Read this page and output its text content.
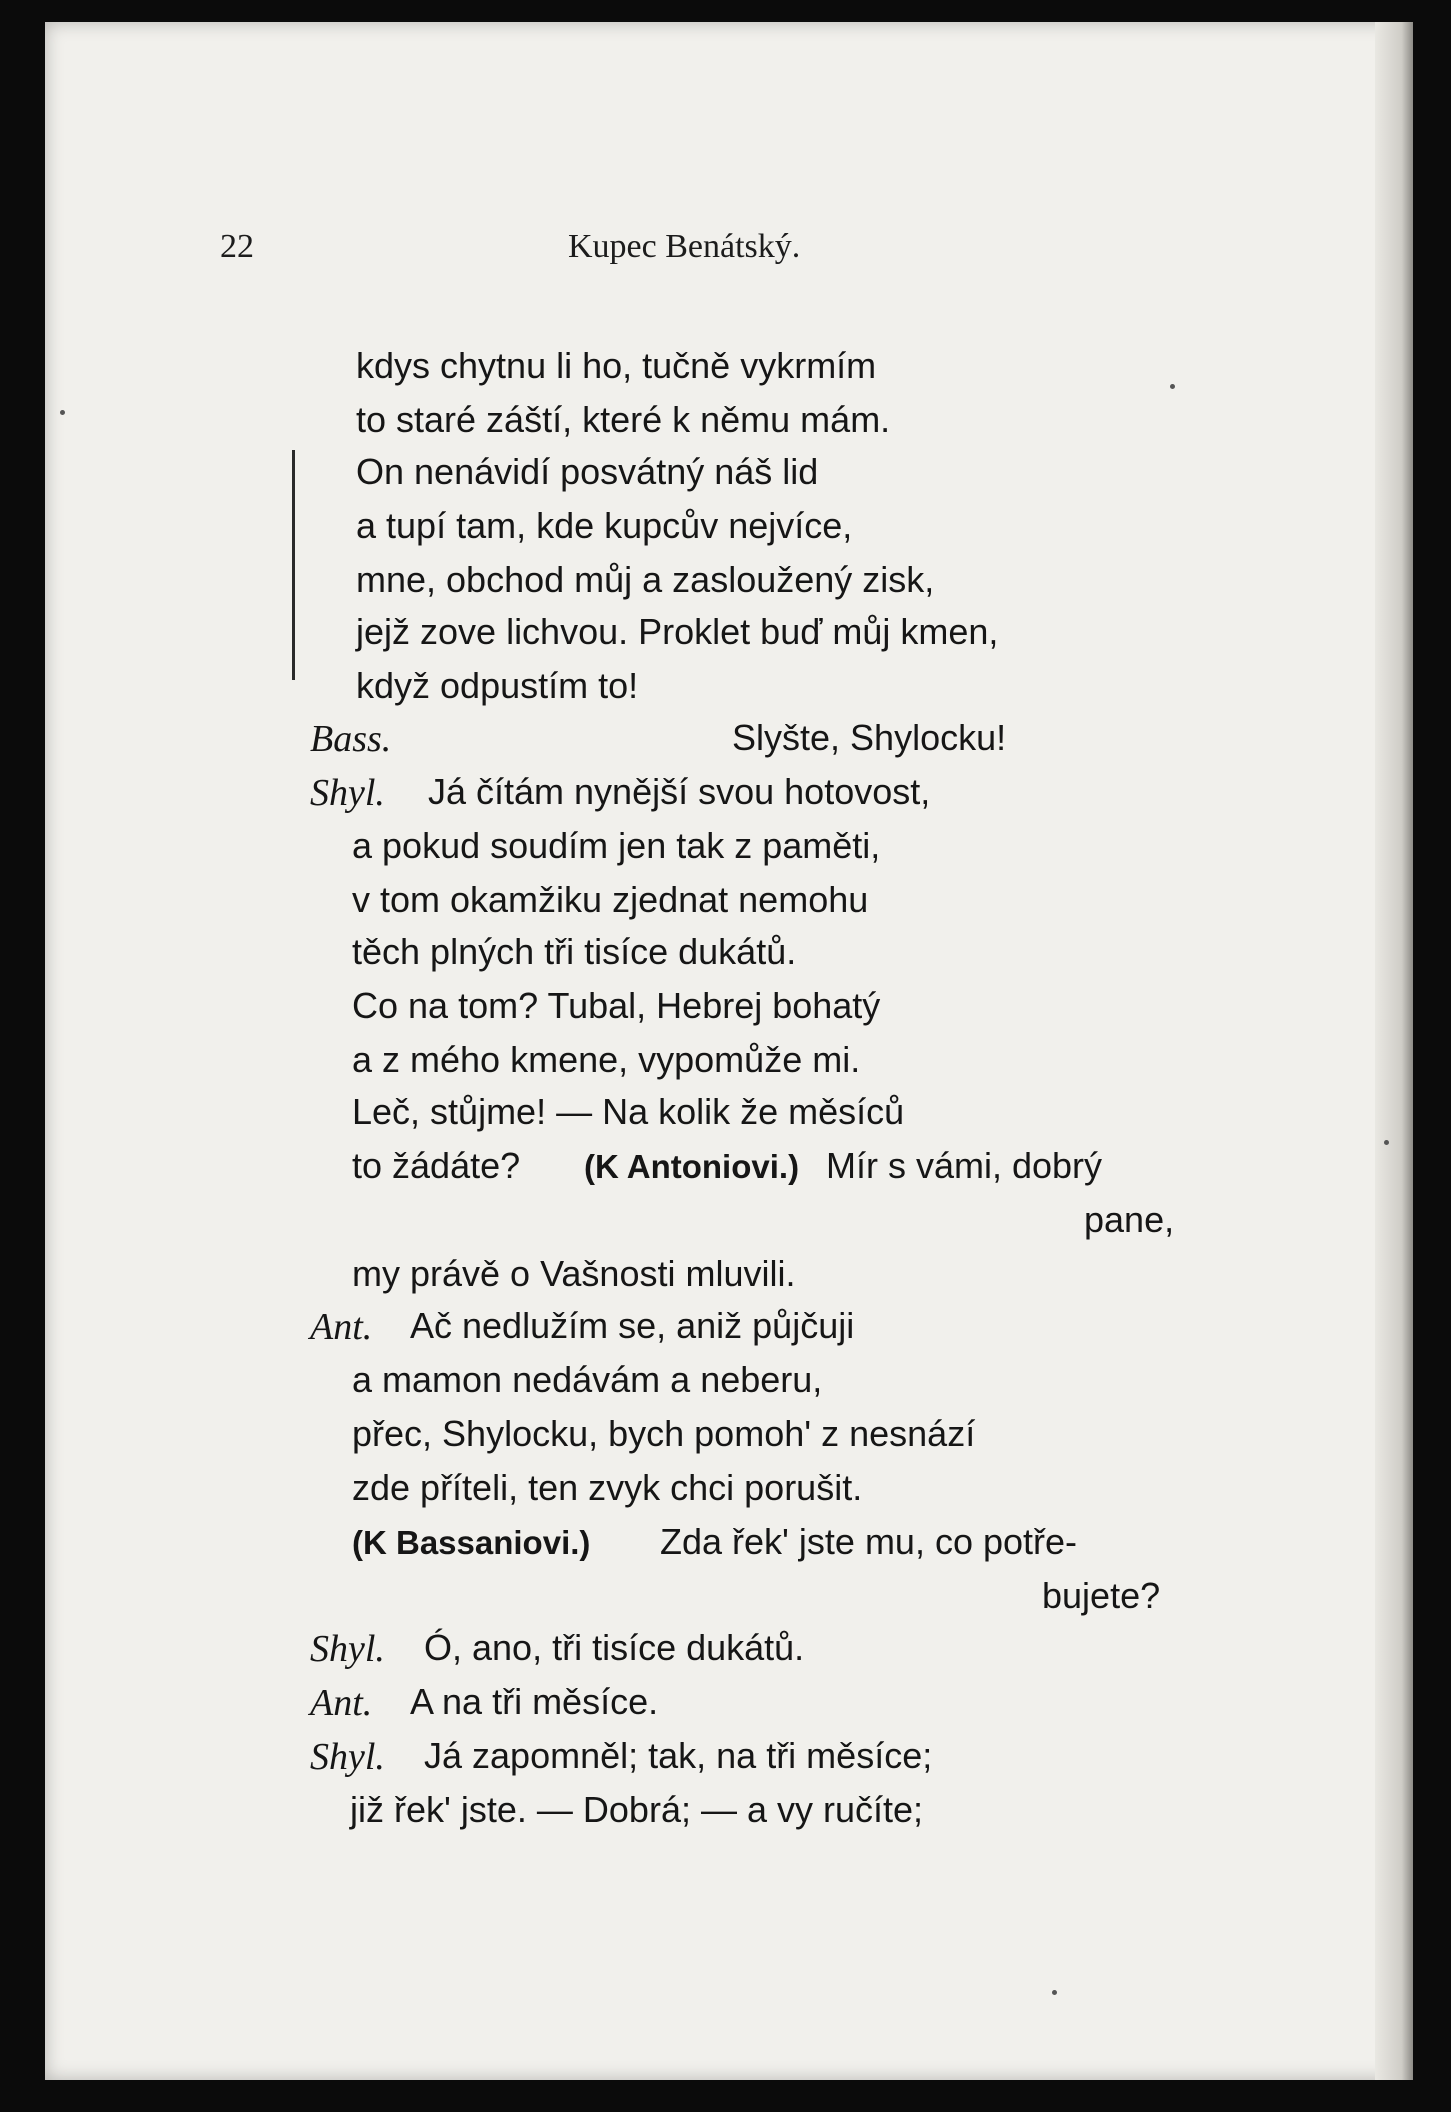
22	Kupec Benátský.
kdys chytnu li ho, tučně vykrmím
to staré záští, které k němu mám.
On nenávidí posvátný náš lid
a tupí tam, kde kupcův nejvíce,
mne, obchod můj a zasloužený zisk,
jejž zove lichvou. Proklet buď můj kmen,
když odpustím to!
Bass.	Slyšte, Shylocku!
Shyl. Já čítám nynější svou hotovost,
a pokud soudím jen tak z paměti,
v tom okamžiku zjednat nemohu
těch plných tři tisíce dukátů.
Co na tom? Tubal, Hebrej bohatý
a z mého kmene, vypomůže mi.
Leč, stůjme! — Na kolik že měsíců
to žádáte? (K Antoniovi.) Mír s vámi, dobrý
pane,
my právě o Vašnosti mluvili.
Ant. Ač nedlužím se, aniž půjčuji
a mamon nedávám a neberu,
přec, Shylocku, bych pomoh' z nesnází
zde příteli, ten zvyk chci porušit.
(K Bassaniovi.) Zda řek' jste mu, co potře-
bujete?
Shyl. Ó, ano, tři tisíce dukátů.
Ant. A na tři měsíce.
Shyl. Já zapomněl; tak, na tři měsíce;
již řek' jste. — Dobrá; — a vy ručíte;
